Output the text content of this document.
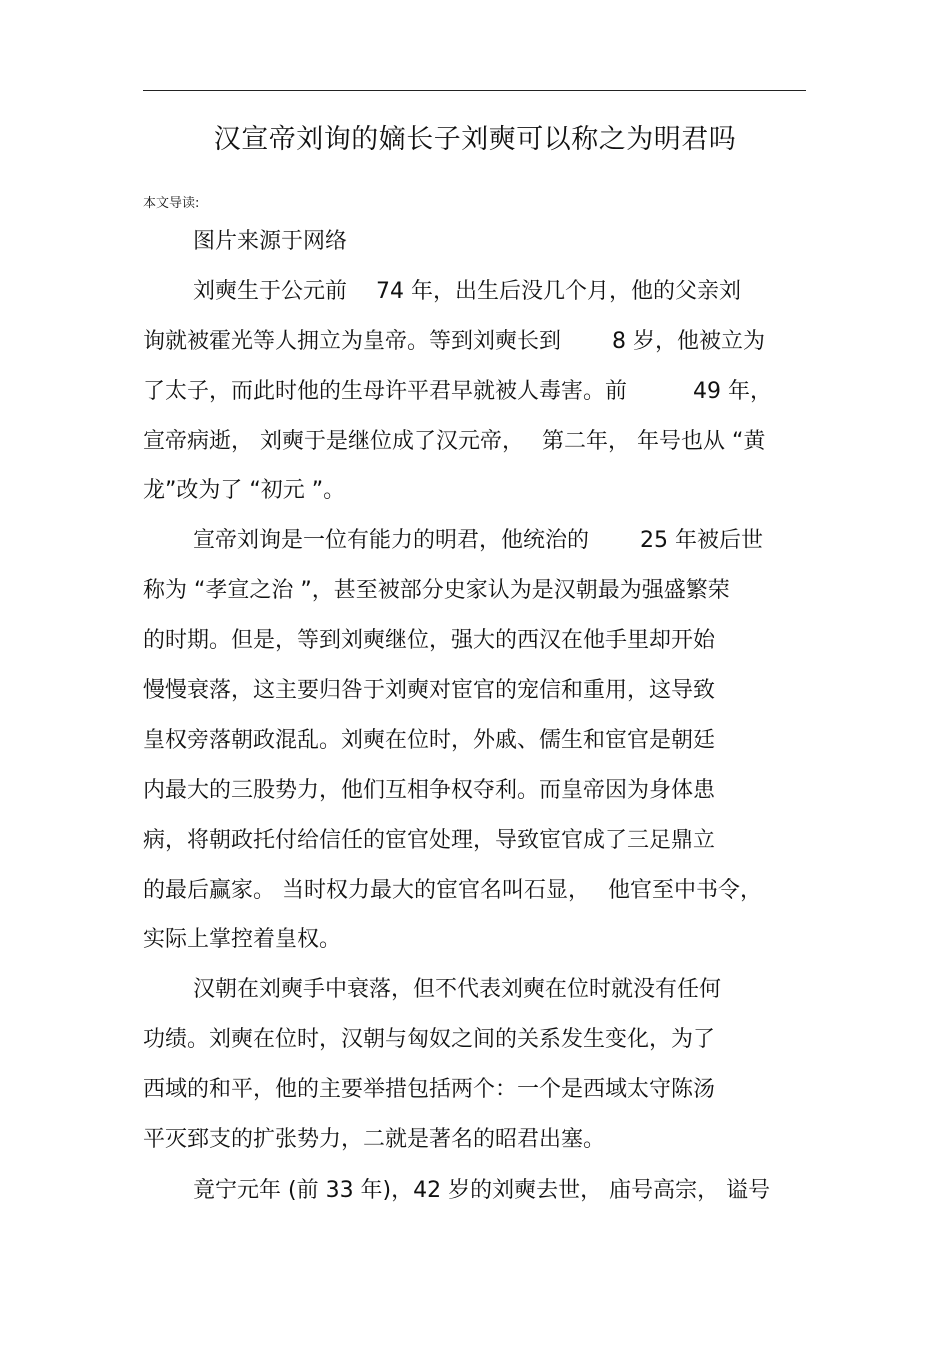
汉宣帝刘询的嫡长子刘奭可以称之为明君吗
本文导读:

图片来源于网络

刘奭生于公元前　 74 年，出生后没几个月，他的父亲刘

询就被霍光等人拥立为皇帝。等到刘奭长到　　 8 岁，他被立为

了太子，而此时他的生母许平君早就被人毒害。前　　　49 年，

宣帝病逝， 刘奭于是继位成了汉元帝，　 第二年， 年号也从 “黄

龙”改为了 “初元 ”。

宣帝刘询是一位有能力的明君，他统治的　　 25 年被后世

称为 “孝宣之治 ”，甚至被部分史家认为是汉朝最为强盛繁荣

的时期。但是，等到刘奭继位，强大的西汉在他手里却开始

慢慢衰落，这主要归咎于刘奭对宦官的宠信和重用，这导致

皇权旁落朝政混乱。刘奭在位时，外戚、儒生和宦官是朝廷

内最大的三股势力，他们互相争权夺利。而皇帝因为身体患

病，将朝政托付给信任的宦官处理，导致宦官成了三足鼎立

的最后赢家。 当时权力最大的宦官名叫石显，　 他官至中书令，

实际上掌控着皇权。

汉朝在刘奭手中衰落，但不代表刘奭在位时就没有任何

功绩。刘奭在位时，汉朝与匈奴之间的关系发生变化，为了

西域的和平，他的主要举措包括两个：一个是西域太守陈汤

平灭郅支的扩张势力，二就是著名的昭君出塞。

竟宁元年 (前 33 年)，42 岁的刘奭去世， 庙号高宗， 谥号
